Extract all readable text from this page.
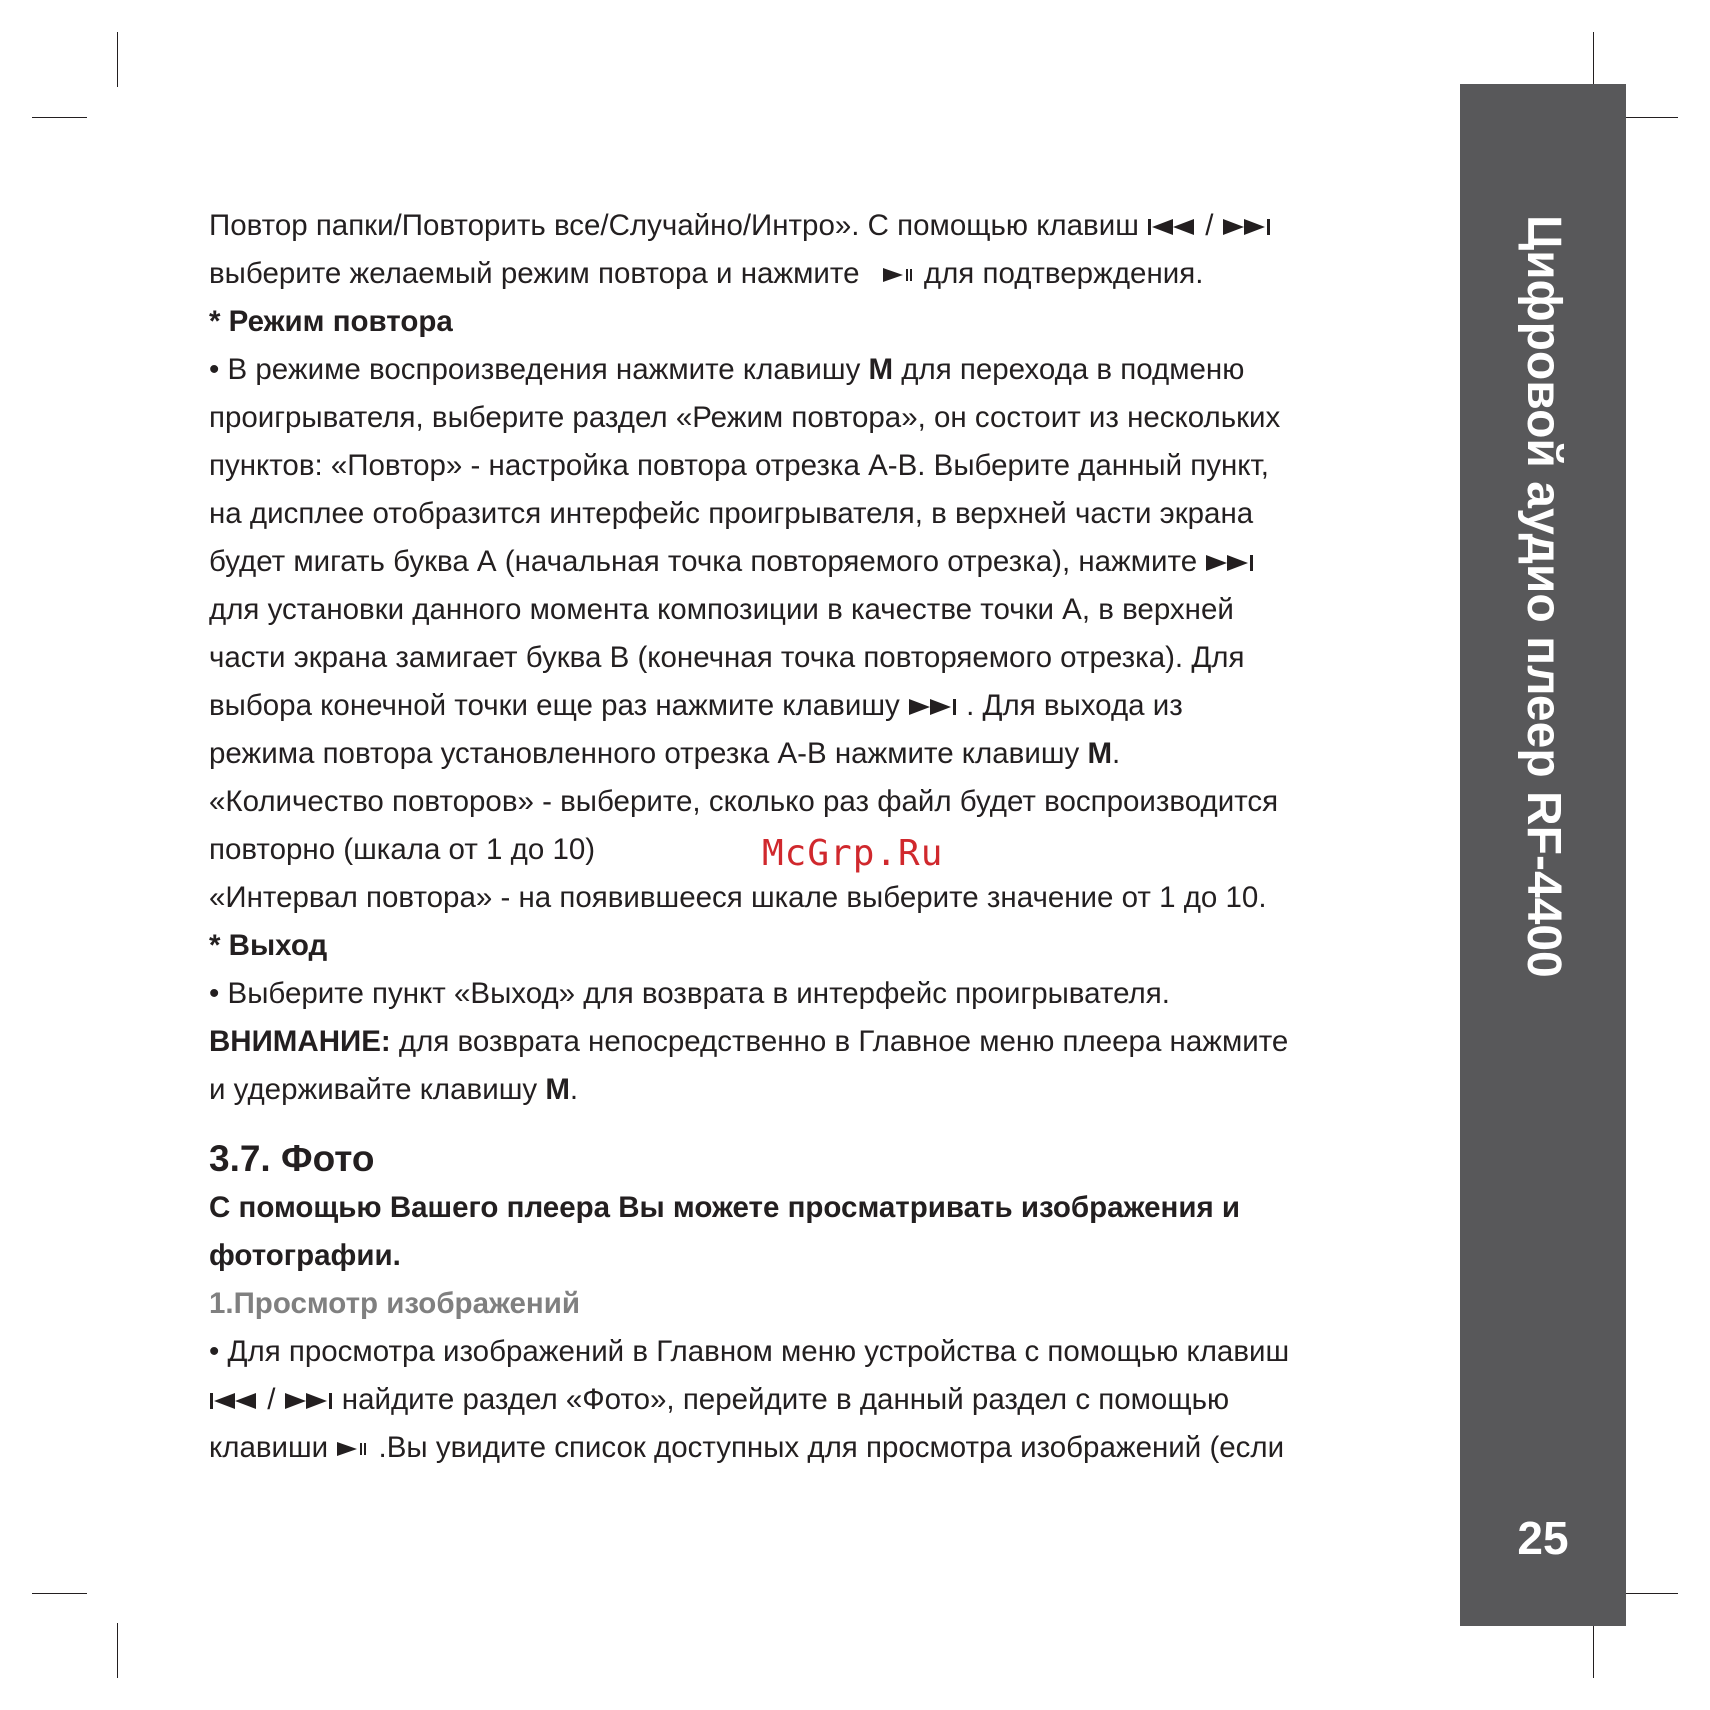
Цифровой аудио плеер RF-4400
25
Повтор папки/Повторить все/Случайно/Интро». С помощью клавиш  /
выберите желаемый режим повтора и нажмите  для подтверждения.
* Режим повтора
• В режиме воспроизведения нажмите клавишу M для перехода в подменю
проигрывателя, выберите раздел «Режим повтора», он состоит из нескольких
пунктов: «Повтор» - настройка повтора отрезка А-В. Выберите данный пункт,
на дисплее отобразится интерфейс проигрывателя, в верхней части экрана
будет мигать буква А (начальная точка повторяемого отрезка), нажмите
для установки данного момента композиции в качестве точки А, в верхней
части экрана замигает буква В (конечная точка повторяемого отрезка). Для
выбора конечной точки еще раз нажмите клавишу  . Для выхода из
режима повтора установленного отрезка А-В нажмите клавишу M.
«Количество повторов» - выберите, сколько раз файл будет воспроизводится
повторно (шкала от 1 до 10)
«Интервал повтора» - на появившееся шкале выберите значение от 1 до 10.
* Выход
• Выберите пункт «Выход» для возврата в интерфейс проигрывателя.
ВНИМАНИЕ: для возврата непосредственно в Главное меню плеера нажмите
и удерживайте клавишу M.
3.7. Фото
С помощью Вашего плеера Вы можете просматривать изображения и
фотографии.
1.Просмотр изображений
• Для просмотра изображений в Главном меню устройства с помощью клавиш
/  найдите раздел «Фото», перейдите в данный раздел с помощью
клавиши  .Вы увидите список доступных для просмотра изображений (если
McGrp.Ru
